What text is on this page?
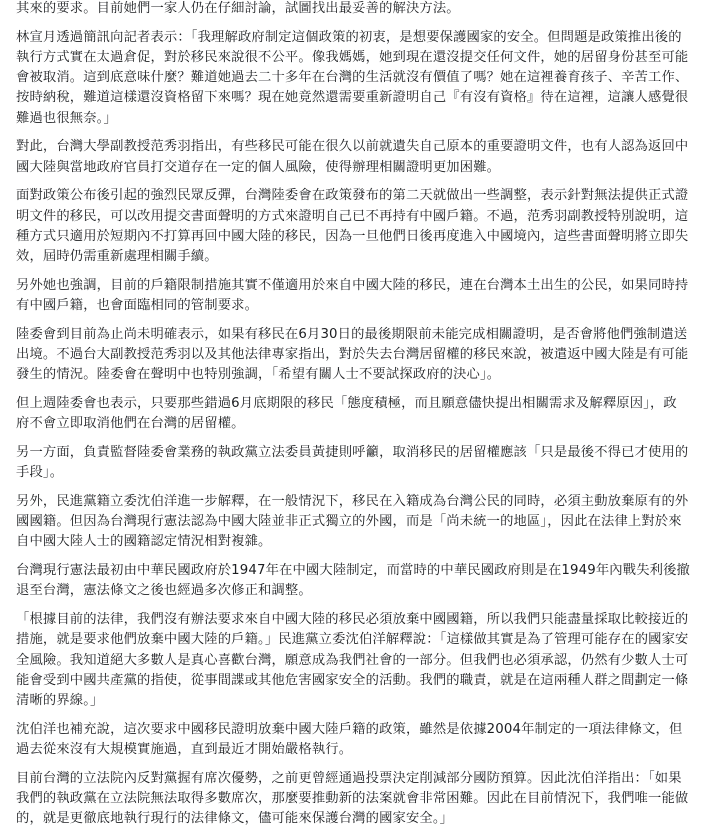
其來的要求。目前她們一家人仍在仔細討論，試圖找出最妥善的解決方法。

林宣月透過簡訊向記者表示：「我理解政府制定這個政策的初衷，是想要保護國家的安全。但問題是政策推出後的執行方式實在太過倉促，對於移民來說很不公平。像我媽媽，她到現在還沒提交任何文件，她的居留身份甚至可能會被取消。這到底意味什麼？難道她過去二十多年在台灣的生活就沒有價值了嗎？她在這裡養育孩子、辛苦工作、按時納稅，難道這樣還沒資格留下來嗎？現在她竟然還需要重新證明自己『有沒有資格』待在這裡，這讓人感覺很難過也很無奈。」

對此，台灣大學副教授范秀羽指出，有些移民可能在很久以前就遺失自己原本的重要證明文件，也有人認為返回中國大陸與當地政府官員打交道存在一定的個人風險，使得辦理相關證明更加困難。

面對政策公布後引起的強烈民眾反彈，台灣陸委會在政策發布的第二天就做出一些調整，表示針對無法提供正式證明文件的移民，可以改用提交書面聲明的方式來證明自己已不再持有中國戶籍。不過，范秀羽副教授特別說明，這種方式只適用於短期內不打算再回中國大陸的移民，因為一旦他們日後再度進入中國境內，這些書面聲明將立即失效，屆時仍需重新處理相關手續。

另外她也強調，目前的戶籍限制措施其實不僅適用於來自中國大陸的移民，連在台灣本土出生的公民，如果同時持有中國戶籍，也會面臨相同的管制要求。

陸委會到目前為止尚未明確表示，如果有移民在6月30日的最後期限前未能完成相關證明，是否會將他們強制遣送出境。不過台大副教授范秀羽以及其他法律專家指出，對於失去台灣居留權的移民來說，被遣返中國大陸是有可能發生的情況。陸委會在聲明中也特別強調，「希望有關人士不要試探政府的決心」。

但上週陸委會也表示，只要那些錯過6月底期限的移民「態度積極，而且願意儘快提出相關需求及解釋原因」，政府不會立即取消他們在台灣的居留權。

另一方面，負責監督陸委會業務的執政黨立法委員黃捷則呼籲，取消移民的居留權應該「只是最後不得已才使用的手段」。

另外，民進黨籍立委沈伯洋進一步解釋，在一般情況下，移民在入籍成為台灣公民的同時，必須主動放棄原有的外國國籍。但因為台灣現行憲法認為中國大陸並非正式獨立的外國，而是「尚未統一的地區」，因此在法律上對於來自中國大陸人士的國籍認定情況相對複雜。

台灣現行憲法最初由中華民國政府於1947年在中國大陸制定，而當時的中華民國政府則是在1949年內戰失利後撤退至台灣，憲法條文之後也經過多次修正和調整。

「根據目前的法律，我們沒有辦法要求來自中國大陸的移民必須放棄中國國籍，所以我們只能盡量採取比較接近的措施，就是要求他們放棄中國大陸的戶籍。」民進黨立委沈伯洋解釋說：「這樣做其實是為了管理可能存在的國家安全風險。我知道絕大多數人是真心喜歡台灣，願意成為我們社會的一部分。但我們也必須承認，仍然有少數人士可能會受到中國共產黨的指使，從事間諜或其他危害國家安全的活動。我們的職責，就是在這兩種人群之間劃定一條清晰的界線。」

沈伯洋也補充說，這次要求中國移民證明放棄中國大陸戶籍的政策，雖然是依據2004年制定的一項法律條文，但過去從來沒有大規模實施過，直到最近才開始嚴格執行。

目前台灣的立法院內反對黨握有席次優勢，之前更曾經通過投票決定削減部分國防預算。因此沈伯洋指出：「如果我們的執政黨在立法院無法取得多數席次，那麼要推動新的法案就會非常困難。因此在目前情況下，我們唯一能做的，就是更徹底地執行現行的法律條文，儘可能來保護台灣的國家安全。」
